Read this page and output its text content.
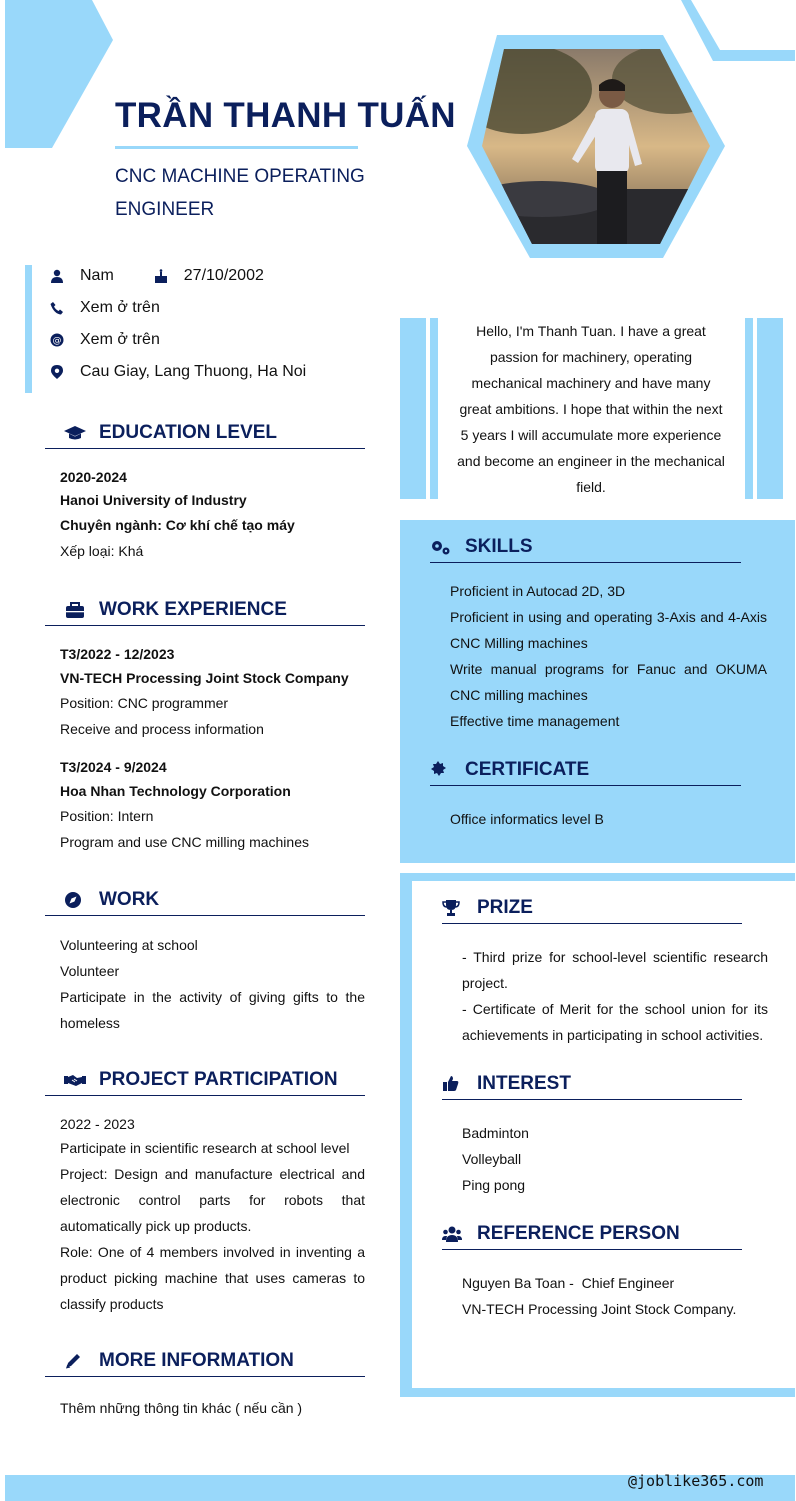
TRẦN THANH TUẤN
CNC MACHINE OPERATING ENGINEER
Nam	27/10/2002
Xem ở trên
@ Xem ở trên
Cau Giay, Lang Thuong, Ha Noi
EDUCATION LEVEL
2020-2024
Hanoi University of Industry
Chuyên ngành: Cơ khí chế tạo máy
Xếp loại: Khá
WORK EXPERIENCE
T3/2022 - 12/2023
VN-TECH Processing Joint Stock Company
Position: CNC programmer
Receive and process information
T3/2024 - 9/2024
Hoa Nhan Technology Corporation
Position: Intern
Program and use CNC milling machines
WORK
Volunteering at school
Volunteer
Participate in the activity of giving gifts to the homeless
PROJECT PARTICIPATION
2022 - 2023
Participate in scientific research at school level
Project: Design and manufacture electrical and electronic control parts for robots that automatically pick up products.
Role: One of 4 members involved in inventing a product picking machine that uses cameras to classify products
MORE INFORMATION
Thêm những thông tin khác ( nếu cần )
Hello, I'm Thanh Tuan. I have a great passion for machinery, operating mechanical machinery and have many great ambitions. I hope that within the next 5 years I will accumulate more experience and become an engineer in the mechanical field.
SKILLS
Proficient in Autocad 2D, 3D
Proficient in using and operating 3-Axis and 4-Axis CNC Milling machines
Write manual programs for Fanuc and OKUMA CNC milling machines
Effective time management
CERTIFICATE
Office informatics level B
PRIZE
- Third prize for school-level scientific research project.
- Certificate of Merit for the school union for its achievements in participating in school activities.
INTEREST
Badminton
Volleyball
Ping pong
REFERENCE PERSON
Nguyen Ba Toan -  Chief Engineer
VN-TECH Processing Joint Stock Company.
@joblike365.com
